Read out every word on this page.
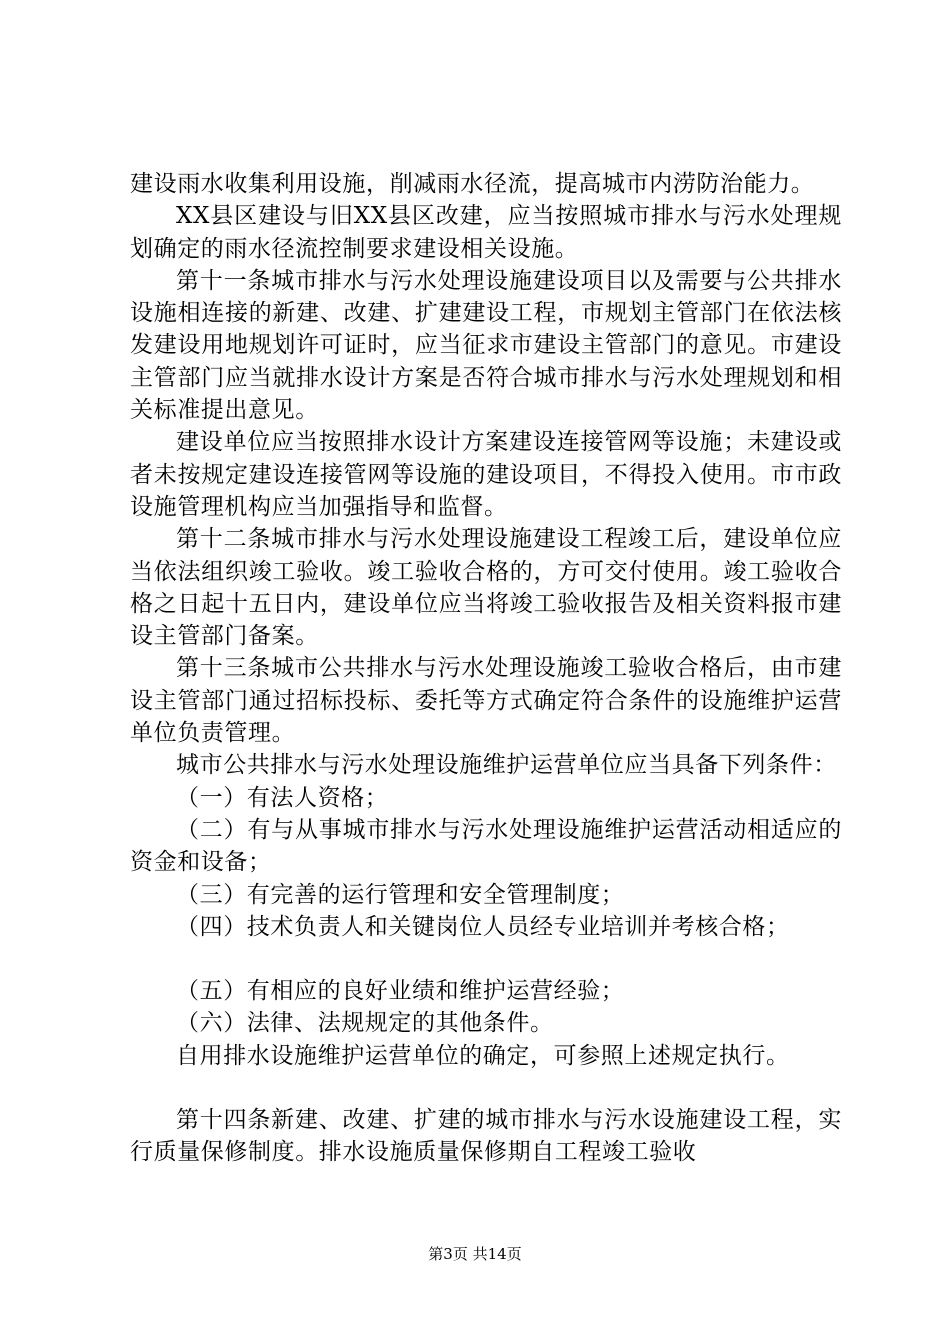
建设雨水收集利用设施，削减雨水径流，提高城市内涝防治能力。

XX县区建设与旧XX县区改建，应当按照城市排水与污水处理规划确定的雨水径流控制要求建设相关设施。

第十一条城市排水与污水处理设施建设项目以及需要与公共排水设施相连接的新建、改建、扩建建设工程，市规划主管部门在依法核发建设用地规划许可证时，应当征求市建设主管部门的意见。市建设主管部门应当就排水设计方案是否符合城市排水与污水处理规划和相关标准提出意见。

建设单位应当按照排水设计方案建设连接管网等设施；未建设或者未按规定建设连接管网等设施的建设项目，不得投入使用。市市政设施管理机构应当加强指导和监督。

第十二条城市排水与污水处理设施建设工程竣工后，建设单位应当依法组织竣工验收。竣工验收合格的，方可交付使用。竣工验收合格之日起十五日内，建设单位应当将竣工验收报告及相关资料报市建设主管部门备案。

第十三条城市公共排水与污水处理设施竣工验收合格后，由市建设主管部门通过招标投标、委托等方式确定符合条件的设施维护运营单位负责管理。

城市公共排水与污水处理设施维护运营单位应当具备下列条件：

（一）有法人资格；

（二）有与从事城市排水与污水处理设施维护运营活动相适应的资金和设备；

（三）有完善的运行管理和安全管理制度；

（四）技术负责人和关键岗位人员经专业培训并考核合格；

（五）有相应的良好业绩和维护运营经验；

（六）法律、法规规定的其他条件。

自用排水设施维护运营单位的确定，可参照上述规定执行。

第十四条新建、改建、扩建的城市排水与污水设施建设工程，实行质量保修制度。排水设施质量保修期自工程竣工验收

第3页 共14页
